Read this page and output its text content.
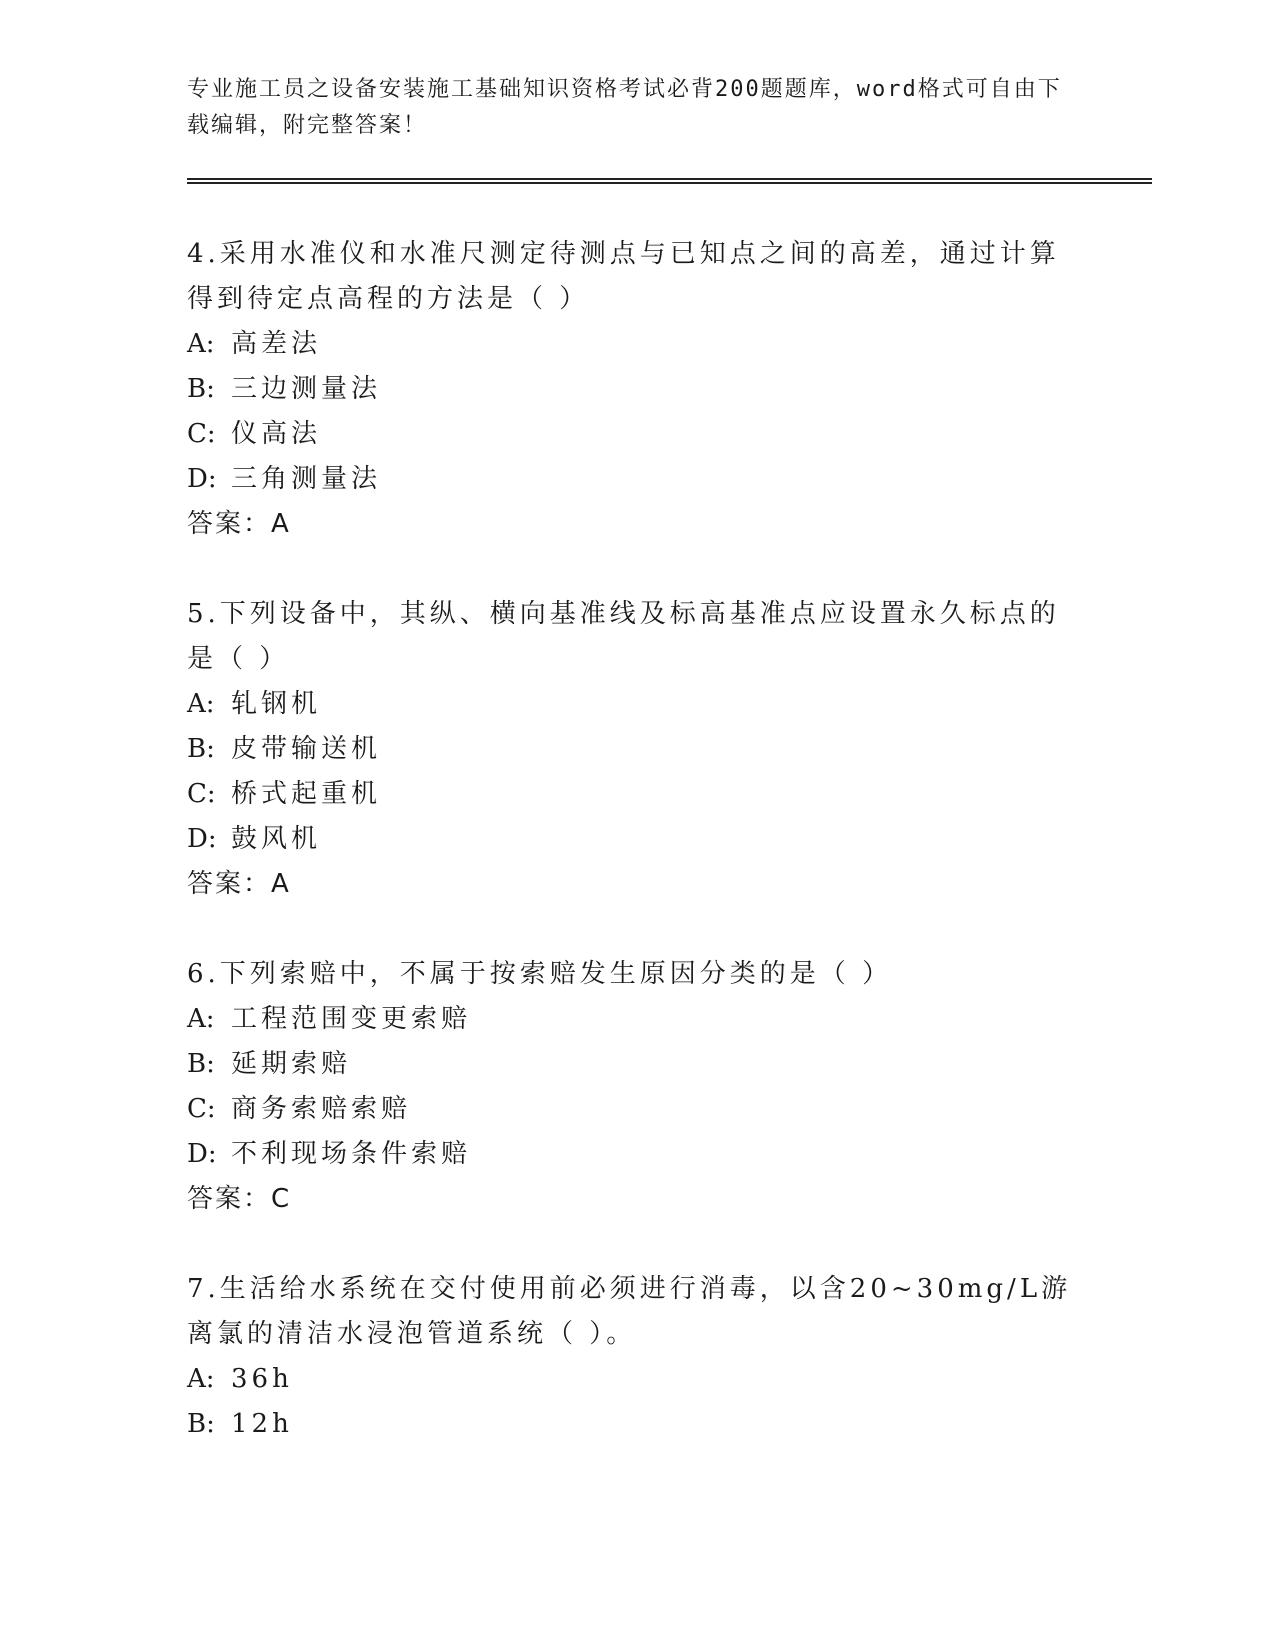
专业施工员之设备安装施工基础知识资格考试必背200题题库，word格式可自由下载编辑，附完整答案！

4.采用水准仪和水准尺测定待测点与已知点之间的高差，通过计算得到待定点高程的方法是（ ）

A: 高差法

B: 三边测量法

C: 仪高法

D: 三角测量法

答案：A

5.下列设备中，其纵、横向基准线及标高基准点应设置永久标点的是（ ）

A: 轧钢机

B: 皮带输送机

C: 桥式起重机

D: 鼓风机

答案：A

6.下列索赔中，不属于按索赔发生原因分类的是（ ）

A: 工程范围变更索赔

B: 延期索赔

C: 商务索赔索赔

D: 不利现场条件索赔

答案：C

7.生活给水系统在交付使用前必须进行消毒，以含20~30mg/L游离氯的清洁水浸泡管道系统（ ）。

A: 36h

B: 12h
